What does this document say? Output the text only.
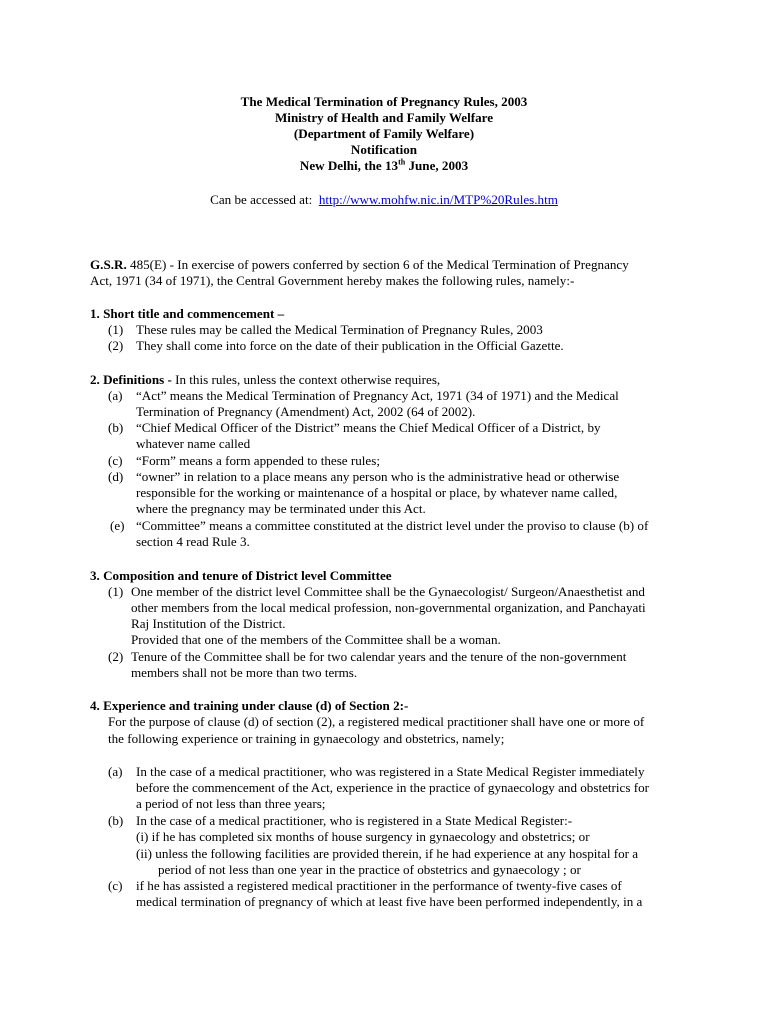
The Medical Termination of Pregnancy Rules, 2003
Ministry of Health and Family Welfare
(Department of Family Welfare)
Notification
New Delhi, the 13th June, 2003
Can be accessed at: http://www.mohfw.nic.in/MTP%20Rules.htm
G.S.R. 485(E) - In exercise of powers conferred by section 6 of the Medical Termination of Pregnancy
Act, 1971 (34 of 1971), the Central Government hereby makes the following rules, namely:-
1. Short title and commencement –
(1) These rules may be called the Medical Termination of Pregnancy Rules, 2003
(2) They shall come into force on the date of their publication in the Official Gazette.
2. Definitions - In this rules, unless the context otherwise requires,
(a) “Act” means the Medical Termination of Pregnancy Act, 1971 (34 of 1971) and the Medical
Termination of Pregnancy (Amendment) Act, 2002 (64 of 2002).
(b) “Chief Medical Officer of the District” means the Chief Medical Officer of a District, by
whatever name called
(c) “Form” means a form appended to these rules;
(d) “owner” in relation to a place means any person who is the administrative head or otherwise
responsible for the working or maintenance of a hospital or place, by whatever name called,
where the pregnancy may be terminated under this Act.
(e) “Committee” means a committee constituted at the district level under the proviso to clause (b) of
section 4 read Rule 3.
3. Composition and tenure of District level Committee
(1) One member of the district level Committee shall be the Gynaecologist/ Surgeon/Anaesthetist and
other members from the local medical profession, non-governmental organization, and Panchayati
Raj Institution of the District.
Provided that one of the members of the Committee shall be a woman.
(2) Tenure of the Committee shall be for two calendar years and the tenure of the non-government
members shall not be more than two terms.
4. Experience and training under clause (d) of Section 2:-
For the purpose of clause (d) of section (2), a registered medical practitioner shall have one or more of
the following experience or training in gynaecology and obstetrics, namely;
(a) In the case of a medical practitioner, who was registered in a State Medical Register immediately
before the commencement of the Act, experience in the practice of gynaecology and obstetrics for
a period of not less than three years;
(b) In the case of a medical practitioner, who is registered in a State Medical Register:-
(i) if he has completed six months of house surgency in gynaecology and obstetrics; or
(ii) unless the following facilities are provided therein, if he had experience at any hospital for a
period of not less than one year in the practice of obstetrics and gynaecology ; or
(c) if he has assisted a registered medical practitioner in the performance of twenty-five cases of
medical termination of pregnancy of which at least five have been performed independently, in a
